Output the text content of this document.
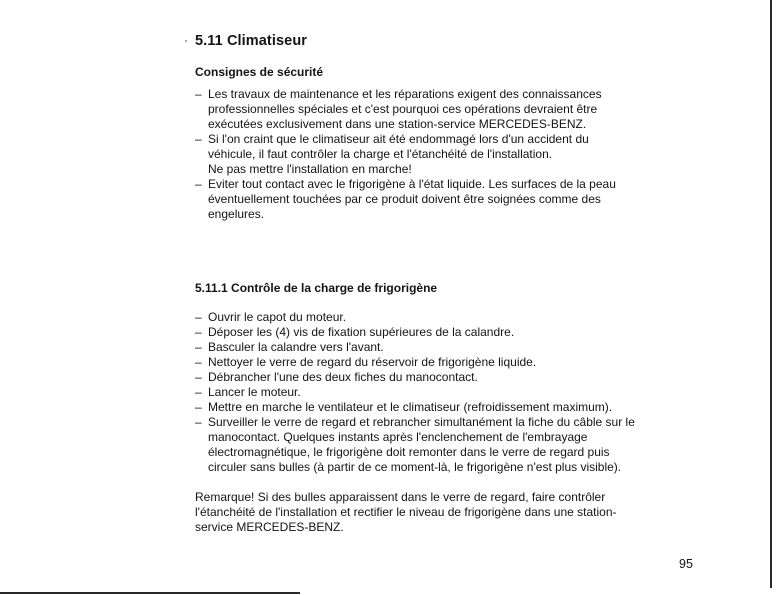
5.11 Climatiseur
Consignes de sécurité
– Les travaux de maintenance et les réparations exigent des connaissances
professionnelles spéciales et c'est pourquoi ces opérations devraient être
exécutées exclusivement dans une station-service MERCEDES-BENZ.
– Si l'on craint que le climatiseur ait été endommagé lors d'un accident du
véhicule, il faut contrôler la charge et l'étanchéité de l'installation.
Ne pas mettre l'installation en marche!
– Eviter tout contact avec le frigorigène à l'état liquide. Les surfaces de la peau
éventuellement touchées par ce produit doivent être soignées comme des
engelures.
5.11.1 Contrôle de la charge de frigorigène
– Ouvrir le capot du moteur.
– Déposer les (4) vis de fixation supérieures de la calandre.
– Basculer la calandre vers l'avant.
– Nettoyer le verre de regard du réservoir de frigorigène liquide.
– Débrancher l'une des deux fiches du manocontact.
– Lancer le moteur.
– Mettre en marche le ventilateur et le climatiseur (refroidissement maximum).
– Surveiller le verre de regard et rebrancher simultanément la fiche du câble sur le
manocontact. Quelques instants après l'enclenchement de l'embrayage
électromagnétique, le frigorigène doit remonter dans le verre de regard puis
circuler sans bulles (à partir de ce moment-là, le frigorigène n'est plus visible).

Remarque! Si des bulles apparaissent dans le verre de regard, faire contrôler
l'étanchéité de l'installation et rectifier le niveau de frigorigène dans une station-
service MERCEDES-BENZ.

95
